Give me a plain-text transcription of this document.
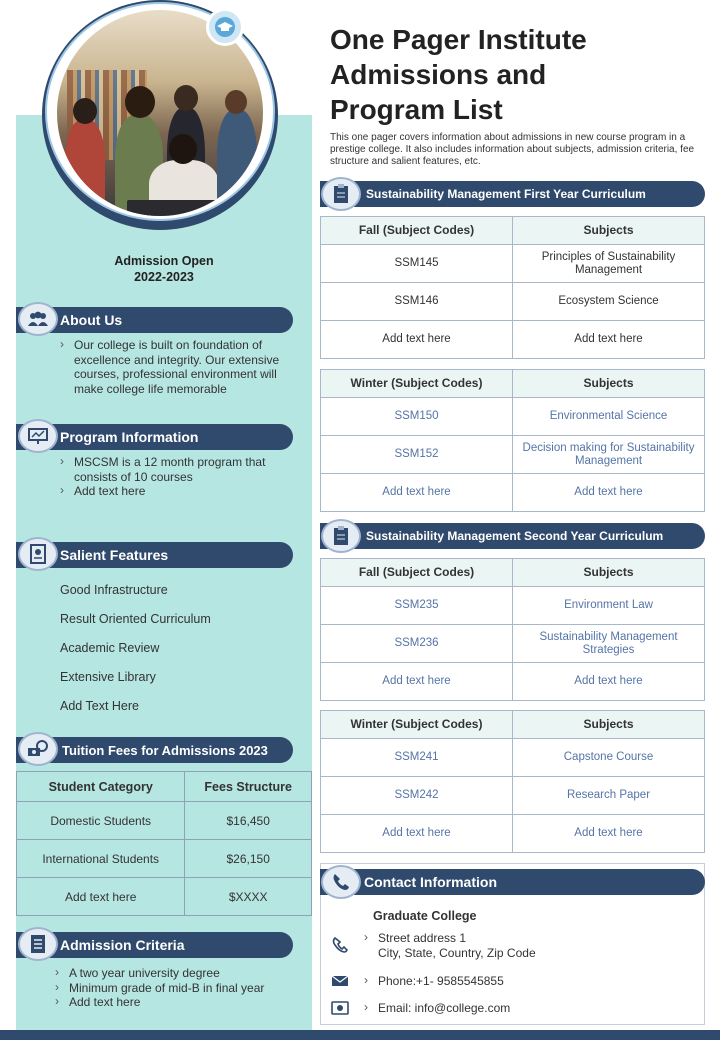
Admission Open
2022-2023
About Us
› Our college is built on foundation of excellence and integrity. Our extensive courses, professional environment will make college life memorable
Program Information
› MSCSM is a 12 month program that consists of 10 courses
› Add text here
Salient Features
Good Infrastructure
Result Oriented Curriculum
Academic Review
Extensive Library
Add Text Here
Tuition Fees for Admissions 2023
Student Category	Fees Structure
Domestic Students	$16,450
International Students	$26,150
Add text here	$XXXX
Admission Criteria
› A two year university degree
› Minimum grade of mid-B in final year
› Add text here
One Pager Institute
Admissions and
Program List
This one pager covers information about admissions in new course program in a prestige college. It also includes information about subjects, admission criteria, fee structure and salient features, etc.
Sustainability Management First Year Curriculum
Fall (Subject Codes)	Subjects
SSM145	Principles of Sustainability Management
SSM146	Ecosystem Science
Add text here	Add text here
Winter (Subject Codes)	Subjects
SSM150	Environmental Science
SSM152	Decision making for Sustainability Management
Add text here	Add text here
Sustainability Management Second Year Curriculum
Fall (Subject Codes)	Subjects
SSM235	Environment Law
SSM236	Sustainability Management Strategies
Add text here	Add text here
Winter (Subject Codes)	Subjects
SSM241	Capstone Course
SSM242	Research Paper
Add text here	Add text here
Contact Information
Graduate College
› Street address 1
City, State, Country, Zip Code
› Phone:+1- 9585545855
› Email: info@college.com
